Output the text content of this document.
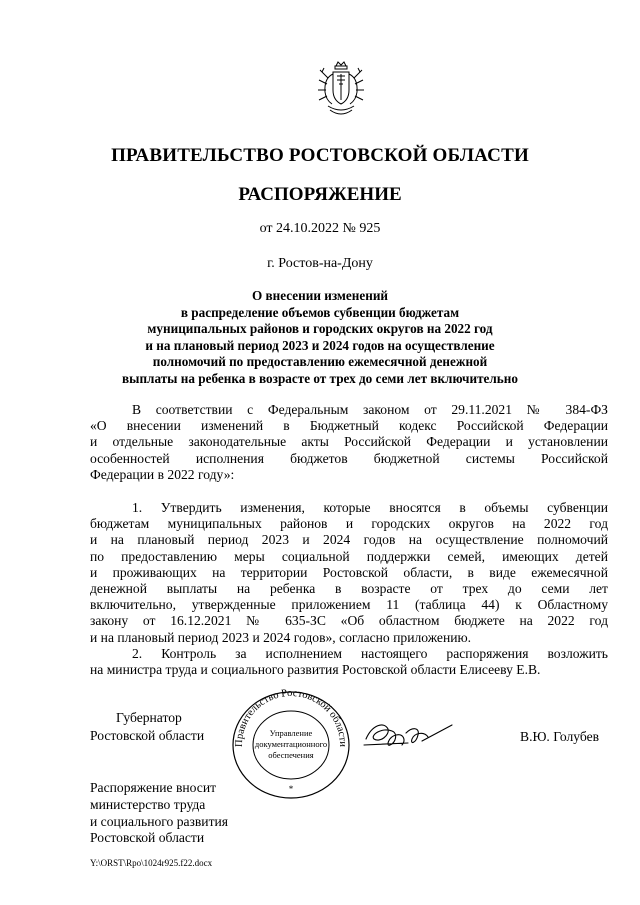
ПРАВИТЕЛЬСТВО РОСТОВСКОЙ ОБЛАСТИ
РАСПОРЯЖЕНИЕ
от 24.10.2022 № 925
г. Ростов-на-Дону
О внесении изменений
в распределение объемов субвенции бюджетам
муниципальных районов и городских округов на 2022 год
и на плановый период 2023 и 2024 годов на осуществление
полномочий по предоставлению ежемесячной денежной
выплаты на ребенка в возрасте от трех до семи лет включительно
В соответствии с Федеральным законом от 29.11.2021 № 384-ФЗ
«О внесении изменений в Бюджетный кодекс Российской Федерации
и отдельные законодательные акты Российской Федерации и установлении
особенностей исполнения бюджетов бюджетной системы Российской
Федерации в 2022 году»:
1. Утвердить изменения, которые вносятся в объемы субвенции
бюджетам муниципальных районов и городских округов на 2022 год
и на плановый период 2023 и 2024 годов на осуществление полномочий
по предоставлению меры социальной поддержки семей, имеющих детей
и проживающих на территории Ростовской области, в виде ежемесячной
денежной выплаты на ребенка в возрасте от трех до семи лет
включительно, утвержденные приложением 11 (таблица 44) к Областному
закону от 16.12.2021 № 635-ЗС «Об областном бюджете на 2022 год
и на плановый период 2023 и 2024 годов», согласно приложению.
2. Контроль за исполнением настоящего распоряжения возложить
на министра труда и социального развития Ростовской области Елисееву Е.В.
Губернатор
Ростовской области
Правительство Ростовской области
Управление
документационного
обеспечения
*
В.Ю. Голубев
Распоряжение вносит
министерство труда
и социального развития
Ростовской области
Y:\ORST\Rpo\1024r925.f22.docx
